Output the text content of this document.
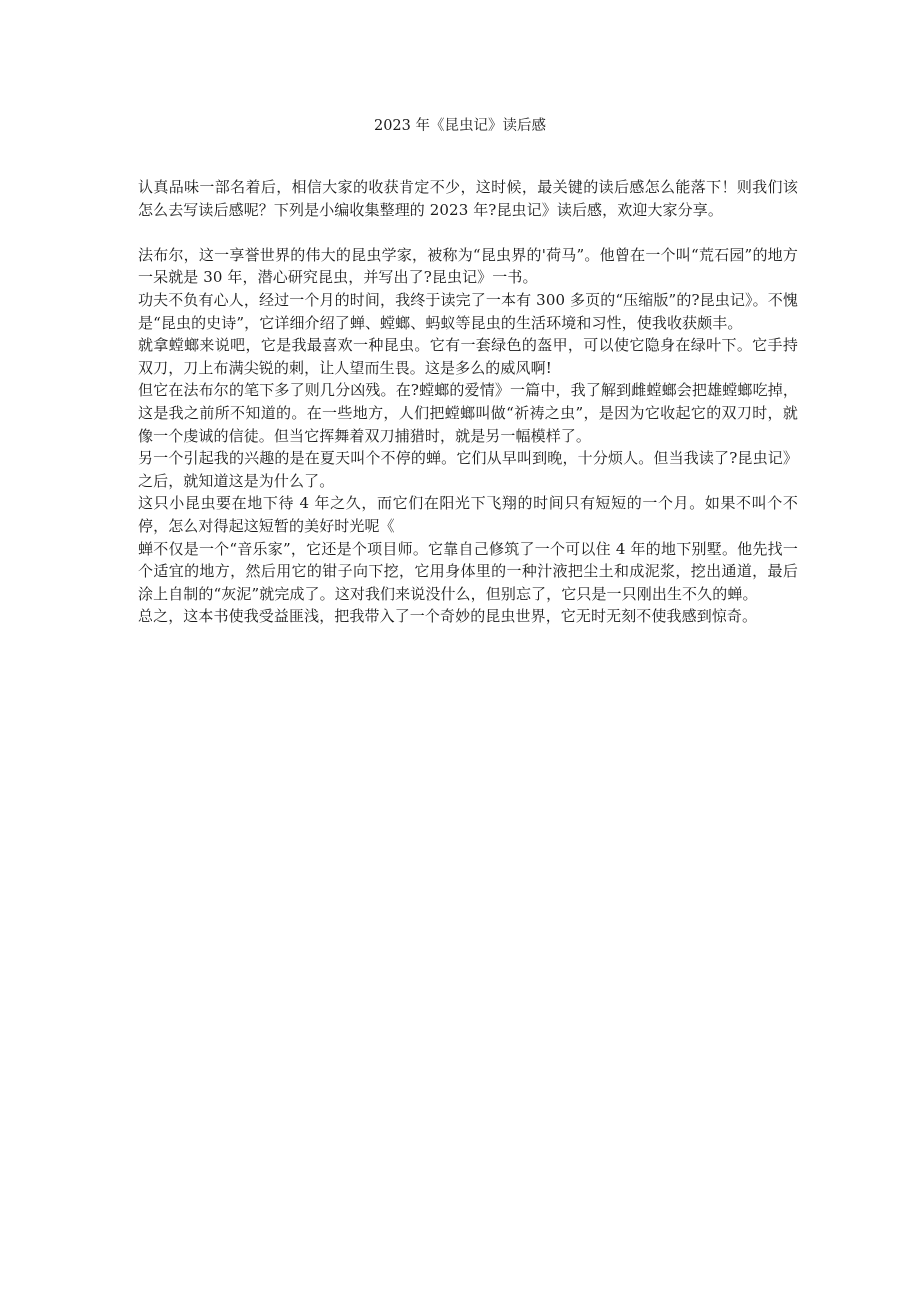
2023 年《昆虫记》读后感

认真品味一部名着后，相信大家的收获肯定不少，这时候，最关键的读后感怎么能落下！则我们该怎么去写读后感呢？下列是小编收集整理的 2023 年?昆虫记》读后感，欢迎大家分享。

法布尔，这一享誉世界的伟大的昆虫学家，被称为“昆虫界的'荷马”。他曾在一个叫“荒石园”的地方一呆就是 30 年，潜心研究昆虫，并写出了?昆虫记》一书。

功夫不负有心人，经过一个月的时间，我终于读完了一本有 300 多页的“压缩版”的?昆虫记》。不愧是“昆虫的史诗”，它详细介绍了蝉、螳螂、蚂蚁等昆虫的生活环境和习性，使我收获颇丰。

就拿螳螂来说吧，它是我最喜欢一种昆虫。它有一套绿色的盔甲，可以使它隐身在绿叶下。它手持双刀，刀上布满尖锐的刺，让人望而生畏。这是多么的威风啊!

但它在法布尔的笔下多了则几分凶残。在?螳螂的爱情》一篇中，我了解到雌螳螂会把雄螳螂吃掉，这是我之前所不知道的。在一些地方，人们把螳螂叫做“祈祷之虫”，是因为它收起它的双刀时，就像一个虔诚的信徒。但当它挥舞着双刀捕猎时，就是另一幅模样了。

另一个引起我的兴趣的是在夏天叫个不停的蝉。它们从早叫到晚，十分烦人。但当我读了?昆虫记》之后，就知道这是为什么了。

这只小昆虫要在地下待 4 年之久，而它们在阳光下飞翔的时间只有短短的一个月。如果不叫个不停，怎么对得起这短暂的美好时光呢《

蝉不仅是一个“音乐家”，它还是个项目师。它靠自己修筑了一个可以住 4 年的地下别墅。他先找一个适宜的地方，然后用它的钳子向下挖，它用身体里的一种汁液把尘土和成泥浆，挖出通道，最后涂上自制的“灰泥”就完成了。这对我们来说没什么，但别忘了，它只是一只刚出生不久的蝉。

总之，这本书使我受益匪浅，把我带入了一个奇妙的昆虫世界，它无时无刻不使我感到惊奇。
